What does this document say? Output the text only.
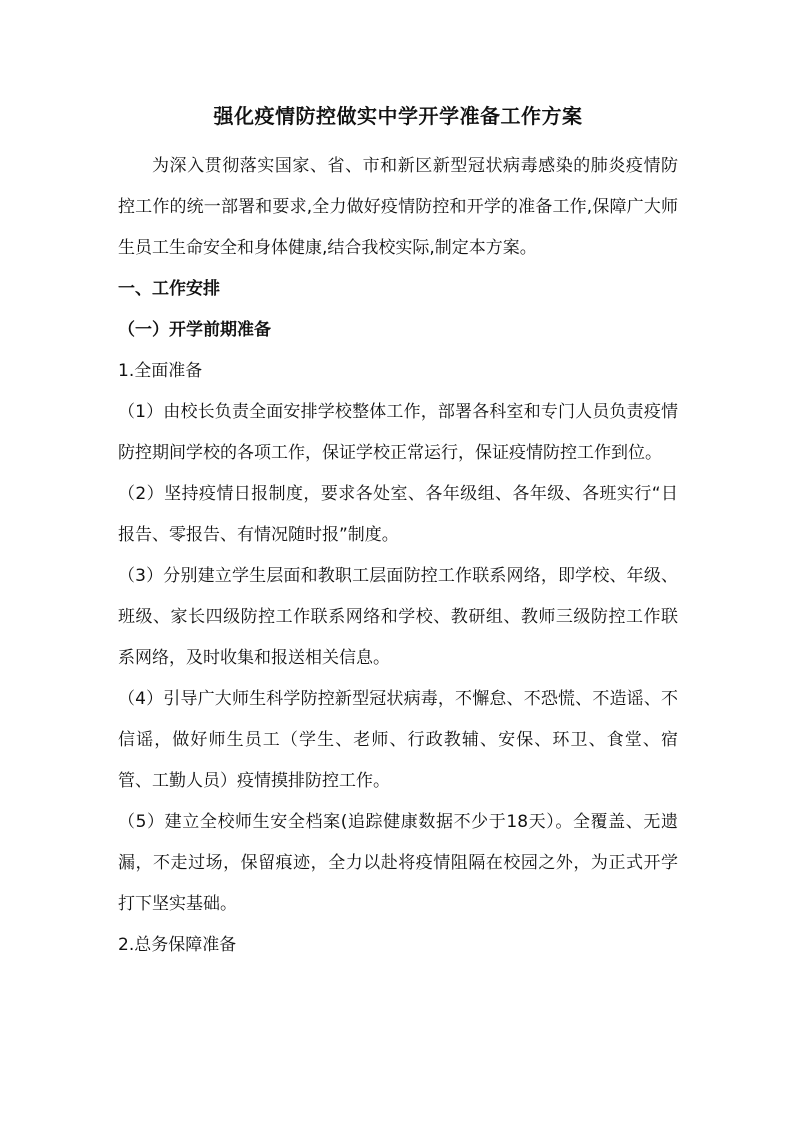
强化疫情防控做实中学开学准备工作方案

为深入贯彻落实国家、省、市和新区新型冠状病毒感染的肺炎疫情防控工作的统一部署和要求,全力做好疫情防控和开学的准备工作,保障广大师生员工生命安全和身体健康,结合我校实际,制定本方案。

一、工作安排

（一）开学前期准备

1.全面准备

（1）由校长负责全面安排学校整体工作，部署各科室和专门人员负责疫情防控期间学校的各项工作，保证学校正常运行，保证疫情防控工作到位。

（2）坚持疫情日报制度，要求各处室、各年级组、各年级、各班实行“日报告、零报告、有情况随时报”制度。

（3）分别建立学生层面和教职工层面防控工作联系网络，即学校、年级、班级、家长四级防控工作联系网络和学校、教研组、教师三级防控工作联系网络，及时收集和报送相关信息。

（4）引导广大师生科学防控新型冠状病毒，不懈怠、不恐慌、不造谣、不信谣，做好师生员工（学生、老师、行政教辅、安保、环卫、食堂、宿管、工勤人员）疫情摸排防控工作。

（5）建立全校师生安全档案(追踪健康数据不少于18天）。全覆盖、无遗漏，不走过场，保留痕迹，全力以赴将疫情阻隔在校园之外，为正式开学打下坚实基础。

2.总务保障准备
